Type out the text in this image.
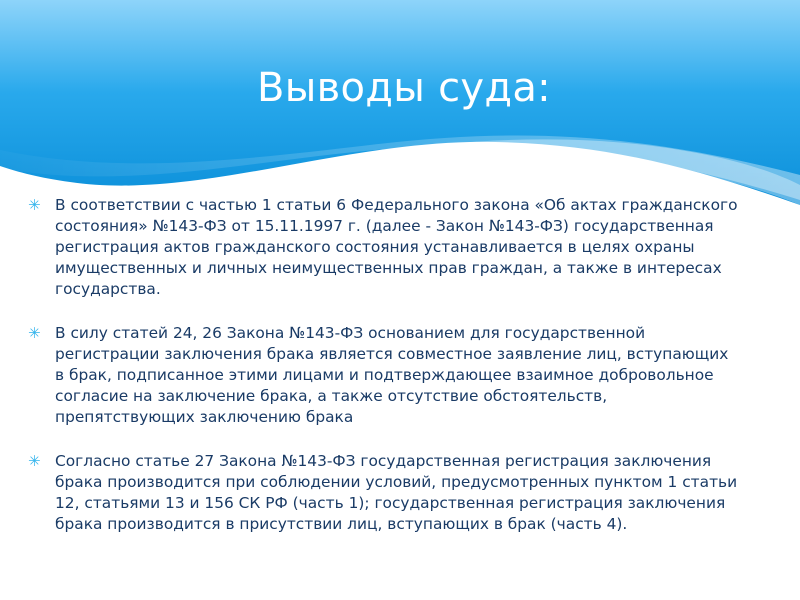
Выводы суда:
✳ В соответствии с частью 1 статьи 6 Федерального закона «Об актах гражданского состояния» №143-ФЗ от 15.11.1997 г. (далее - Закон №143-ФЗ) государственная регистрация актов гражданского состояния устанавливается в целях охраны имущественных и личных неимущественных прав граждан, а также в интересах государства.
✳ В силу статей 24, 26 Закона №143-ФЗ основанием для государственной регистрации заключения брака является совместное заявление лиц, вступающих в брак, подписанное этими лицами и подтверждающее взаимное добровольное согласие на заключение брака, а также отсутствие обстоятельств, препятствующих заключению брака
✳ Согласно статье 27 Закона №143-ФЗ государственная регистрация заключения брака производится при соблюдении условий, предусмотренных пунктом 1 статьи 12, статьями 13 и 156 СК РФ (часть 1); государственная регистрация заключения брака производится в присутствии лиц, вступающих в брак (часть 4).
